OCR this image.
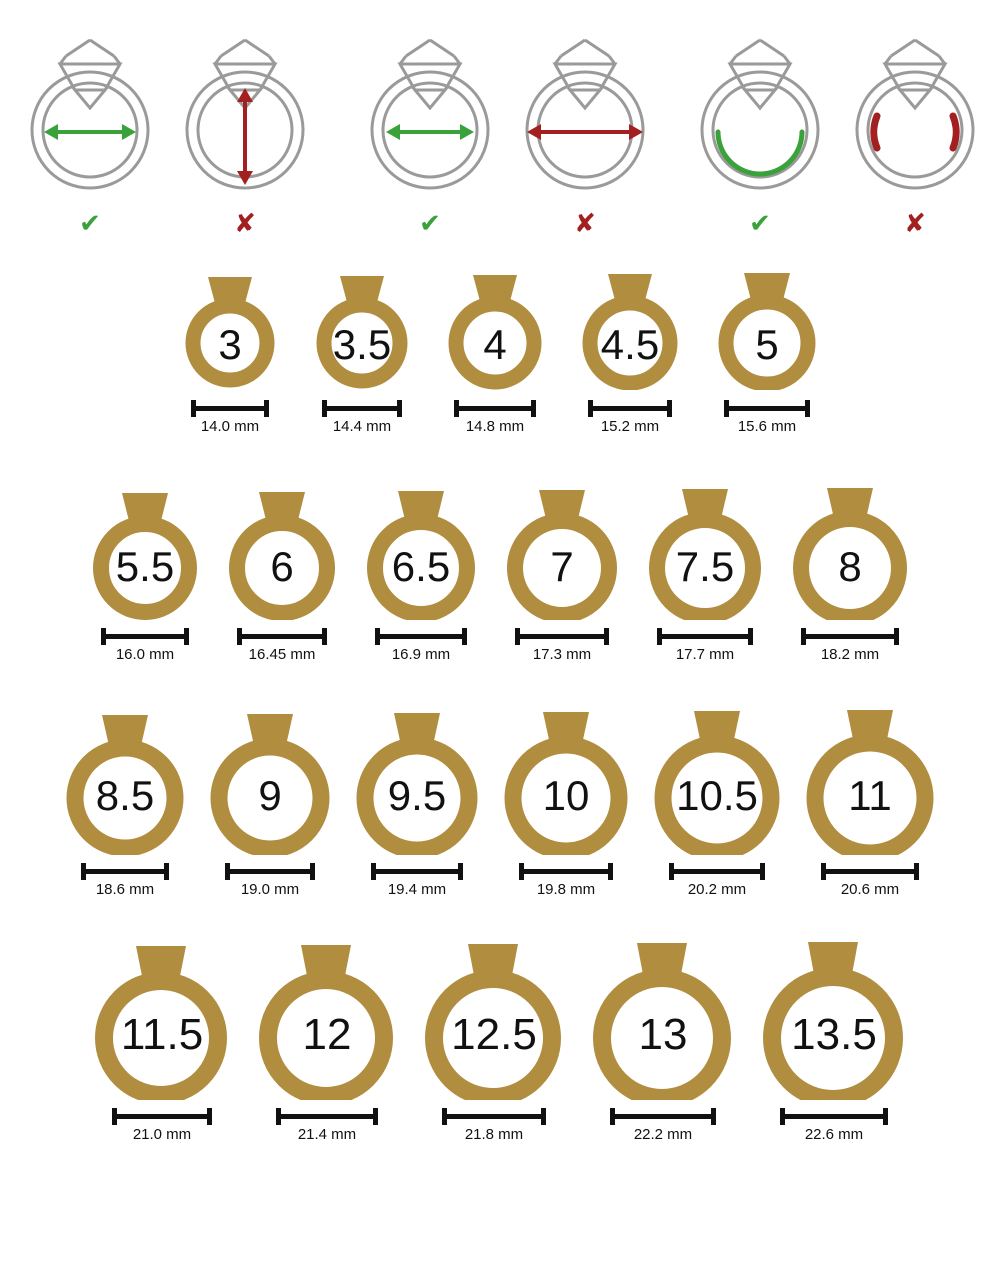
✔	✘	✔	✘	✔	✘
3
14.0 mm
3.5
14.4 mm
4
14.8 mm
4.5
15.2 mm
5
15.6 mm
5.5
16.0 mm
6
16.45 mm
6.5
16.9 mm
7
17.3 mm
7.5
17.7 mm
8
18.2 mm
8.5
18.6 mm
9
19.0 mm
9.5
19.4 mm
10
19.8 mm
10.5
20.2 mm
11
20.6 mm
11.5
21.0 mm
12
21.4 mm
12.5
21.8 mm
13
22.2 mm
13.5
22.6 mm
